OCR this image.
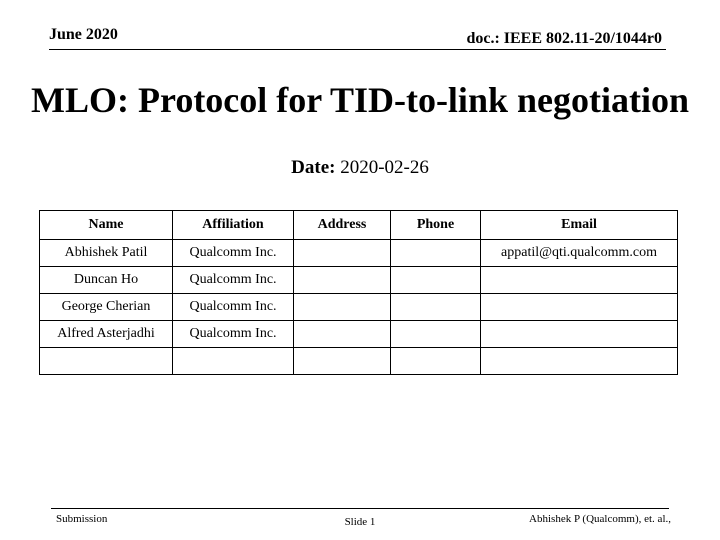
June 2020	doc.: IEEE 802.11-20/1044r0
MLO: Protocol for TID-to-link negotiation
Date: 2020-02-26
Name	Affiliation	Address	Phone	Email
Abhishek Patil	Qualcomm Inc.			appatil@qti.qualcomm.com
Duncan Ho	Qualcomm Inc.			
George Cherian	Qualcomm Inc.			
Alfred Asterjadhi	Qualcomm Inc.			

Submission	Slide 1	Abhishek P (Qualcomm), et. al.,
